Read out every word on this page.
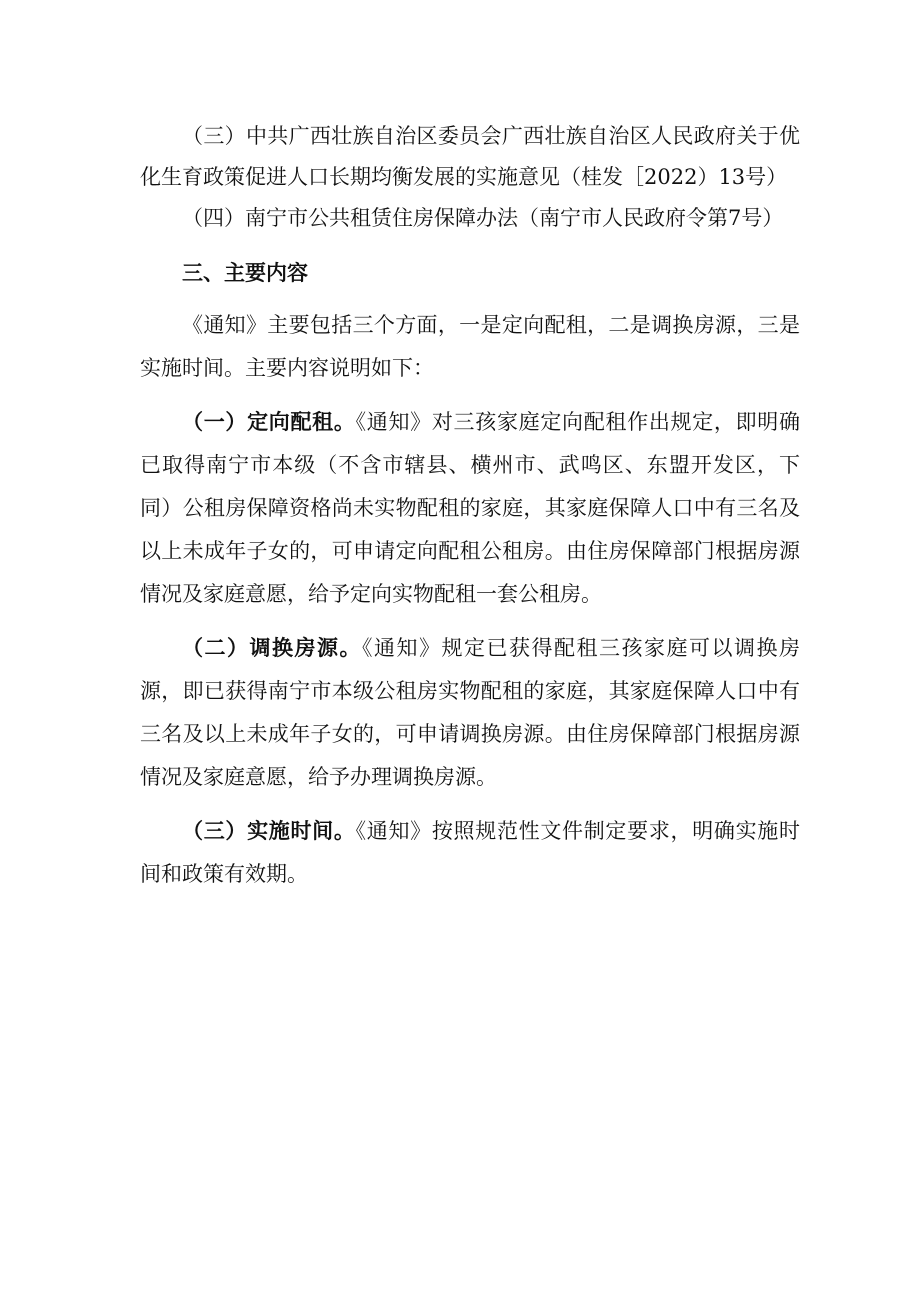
（三）中共广西壮族自治区委员会广西壮族自治区人民政府关于优化生育政策促进人口长期均衡发展的实施意见（桂发［2022）13号）

（四）南宁市公共租赁住房保障办法（南宁市人民政府令第7号）

三、主要内容

《通知》主要包括三个方面，一是定向配租，二是调换房源，三是实施时间。主要内容说明如下：

（一）定向配租。《通知》对三孩家庭定向配租作出规定，即明确已取得南宁市本级（不含市辖县、横州市、武鸣区、东盟开发区，下同）公租房保障资格尚未实物配租的家庭，其家庭保障人口中有三名及以上未成年子女的，可申请定向配租公租房。由住房保障部门根据房源情况及家庭意愿，给予定向实物配租一套公租房。

（二）调换房源。《通知》规定已获得配租三孩家庭可以调换房源，即已获得南宁市本级公租房实物配租的家庭，其家庭保障人口中有三名及以上未成年子女的，可申请调换房源。由住房保障部门根据房源情况及家庭意愿，给予办理调换房源。

（三）实施时间。《通知》按照规范性文件制定要求，明确实施时间和政策有效期。
